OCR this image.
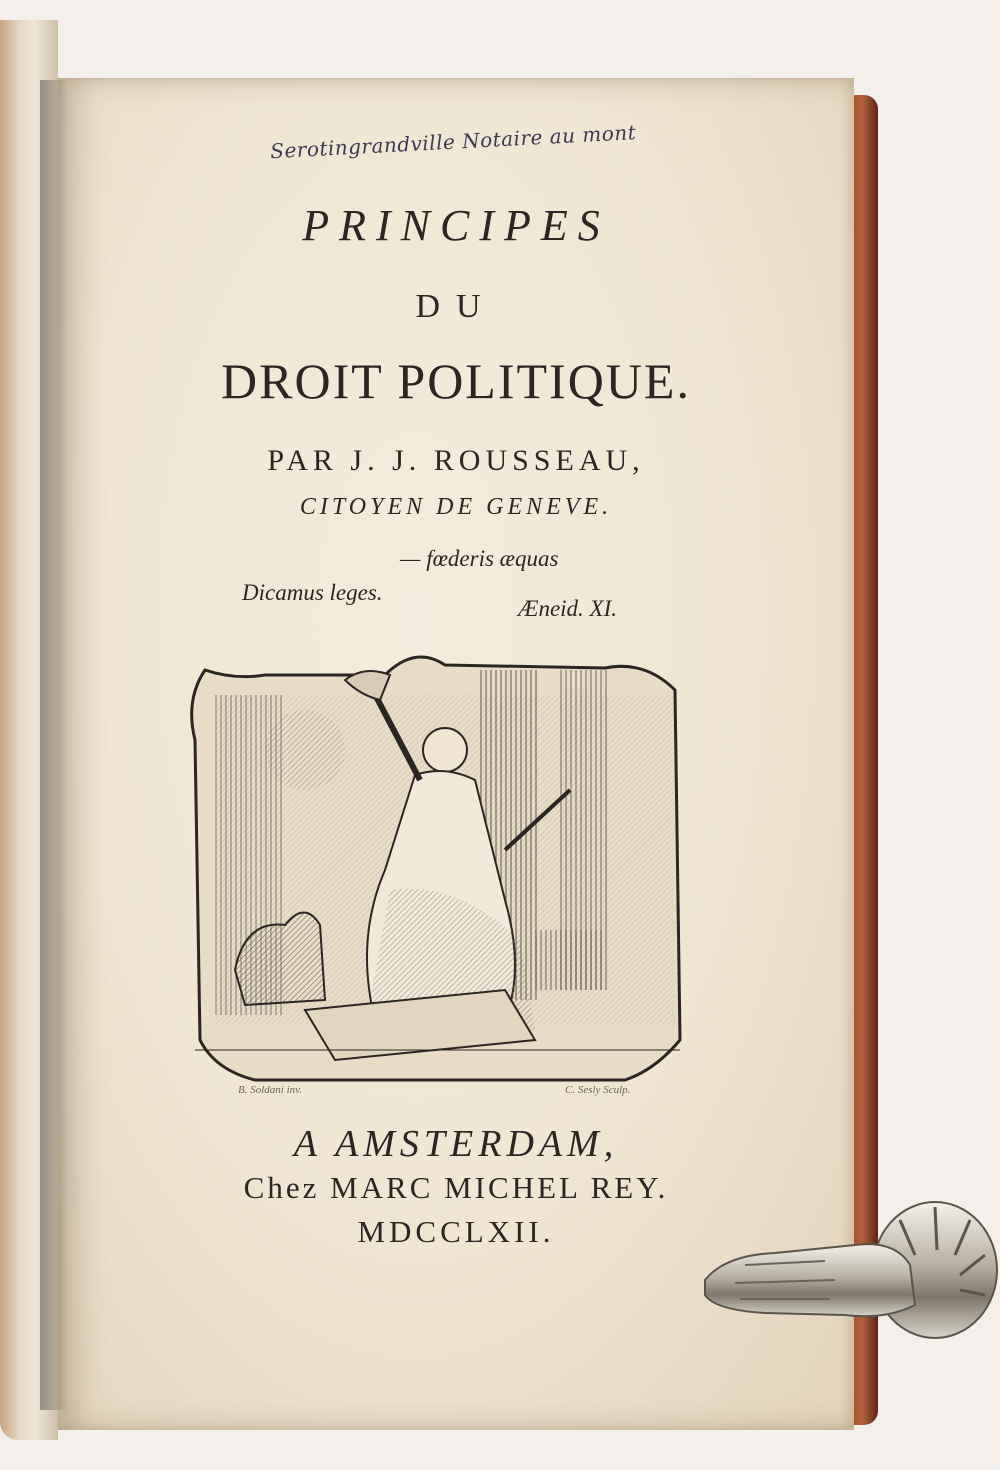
Serotingrandville Notaire au mont
PRINCIPES
DU
DROIT POLITIQUE.
PAR J. J. ROUSSEAU,
CITOYEN DE GENEVE.
— fœderis æquas
Dicamus leges.
Æneid. XI.
B. Soldani inv.	C. Sesly Sculp.
A AMSTERDAM,
Chez MARC MICHEL REY.
MDCCLXII.
